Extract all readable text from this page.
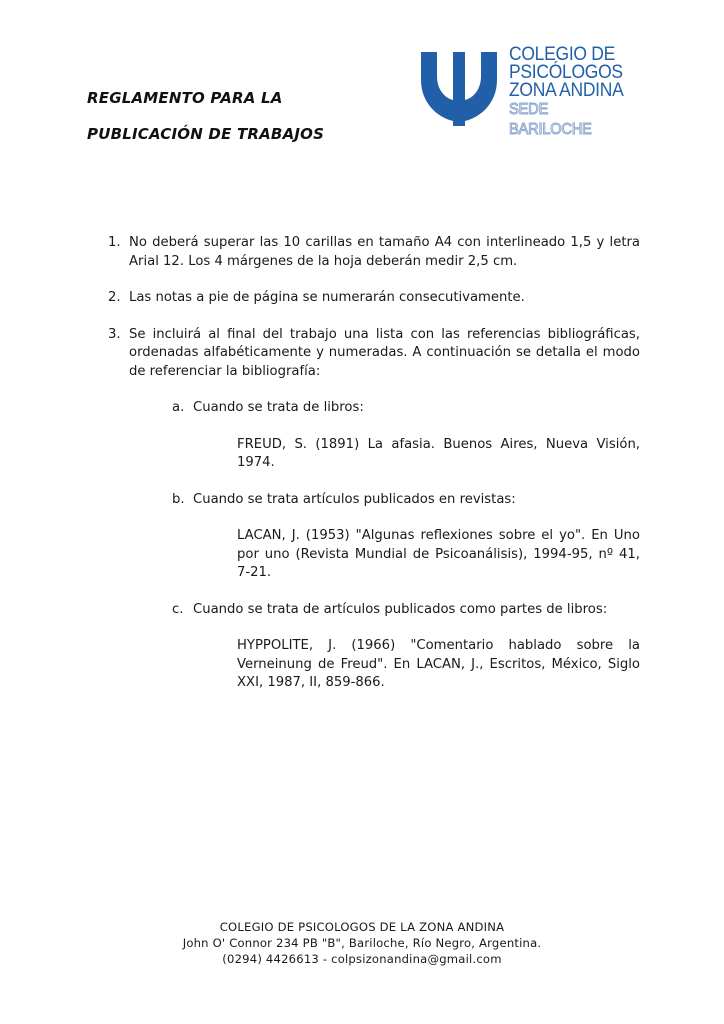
REGLAMENTO PARA LA
PUBLICACIÓN DE TRABAJOS
COLEGIO DE
PSICÓLOGOS
ZONA ANDINA
SEDE BARILOCHE
1. No deberá superar las 10 carillas en tamaño A4 con interlineado 1,5 y letra Arial 12. Los 4 márgenes de la hoja deberán medir 2,5 cm.
2. Las notas a pie de página se numerarán consecutivamente.
3. Se incluirá al final del trabajo una lista con las referencias bibliográficas, ordenadas alfabéticamente y numeradas. A continuación se detalla el modo de referenciar la bibliografía:
a. Cuando se trata de libros:
FREUD, S. (1891) La afasia. Buenos Aires, Nueva Visión, 1974.
b. Cuando se trata artículos publicados en revistas:
LACAN, J. (1953) "Algunas reflexiones sobre el yo". En Uno por uno (Revista Mundial de Psicoanálisis), 1994-95, nº 41, 7-21.
c. Cuando se trata de artículos publicados como partes de libros:
HYPPOLITE, J. (1966) "Comentario hablado sobre la Verneinung de Freud". En LACAN, J., Escritos, México, Siglo XXI, 1987, II, 859-866.
COLEGIO DE PSICOLOGOS DE LA ZONA ANDINA
John O' Connor 234 PB "B", Bariloche, Río Negro, Argentina.
(0294) 4426613 - colpsizonandina@gmail.com
